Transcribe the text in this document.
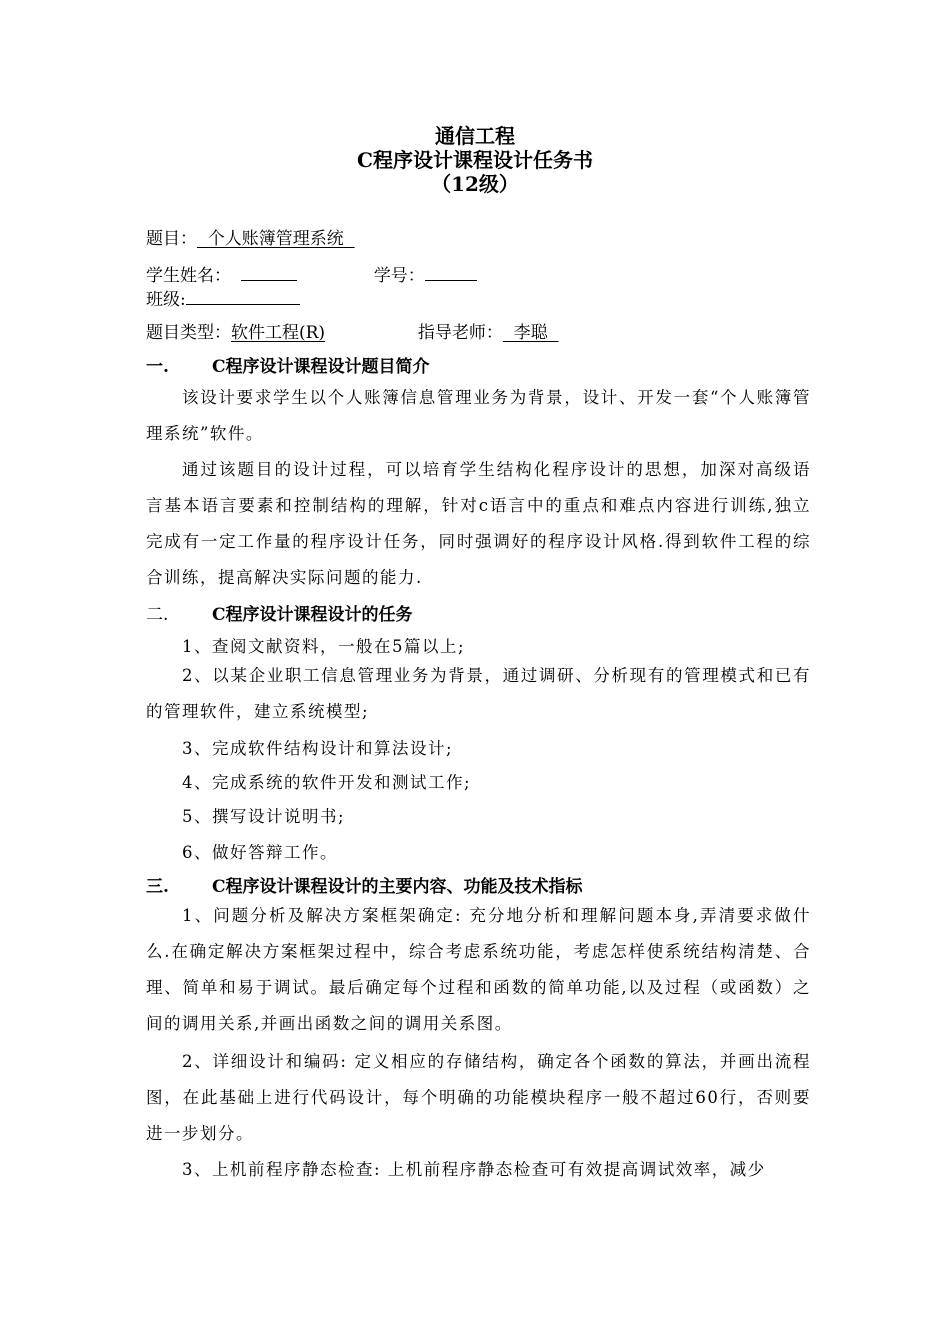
通信工程
C程序设计课程设计任务书
（12级）
题目：  个人账簿管理系统
学生姓名：	学号：
班级:
题目类型：软件工程(R)	指导老师：  李聪
一.	C程序设计课程设计题目简介
该设计要求学生以个人账簿信息管理业务为背景，设计、开发一套“个人账簿管理系统”软件。
通过该题目的设计过程，可以培育学生结构化程序设计的思想，加深对高级语言基本语言要素和控制结构的理解，针对c语言中的重点和难点内容进行训练,独立完成有一定工作量的程序设计任务，同时强调好的程序设计风格.得到软件工程的综合训练，提高解决实际问题的能力.
二.	C程序设计课程设计的任务
1、查阅文献资料，一般在5篇以上;
2、以某企业职工信息管理业务为背景，通过调研、分析现有的管理模式和已有的管理软件，建立系统模型;
3、完成软件结构设计和算法设计;
4、完成系统的软件开发和测试工作;
5、撰写设计说明书;
6、做好答辩工作。
三.	C程序设计课程设计的主要内容、功能及技术指标
1、问题分析及解决方案框架确定: 充分地分析和理解问题本身,弄清要求做什么.在确定解决方案框架过程中，综合考虑系统功能，考虑怎样使系统结构清楚、合理、简单和易于调试。最后确定每个过程和函数的简单功能,以及过程（或函数）之间的调用关系,并画出函数之间的调用关系图。
2、详细设计和编码: 定义相应的存储结构，确定各个函数的算法，并画出流程图，在此基础上进行代码设计，每个明确的功能模块程序一般不超过60行，否则要进一步划分。
3、上机前程序静态检查: 上机前程序静态检查可有效提高调试效率，减少
